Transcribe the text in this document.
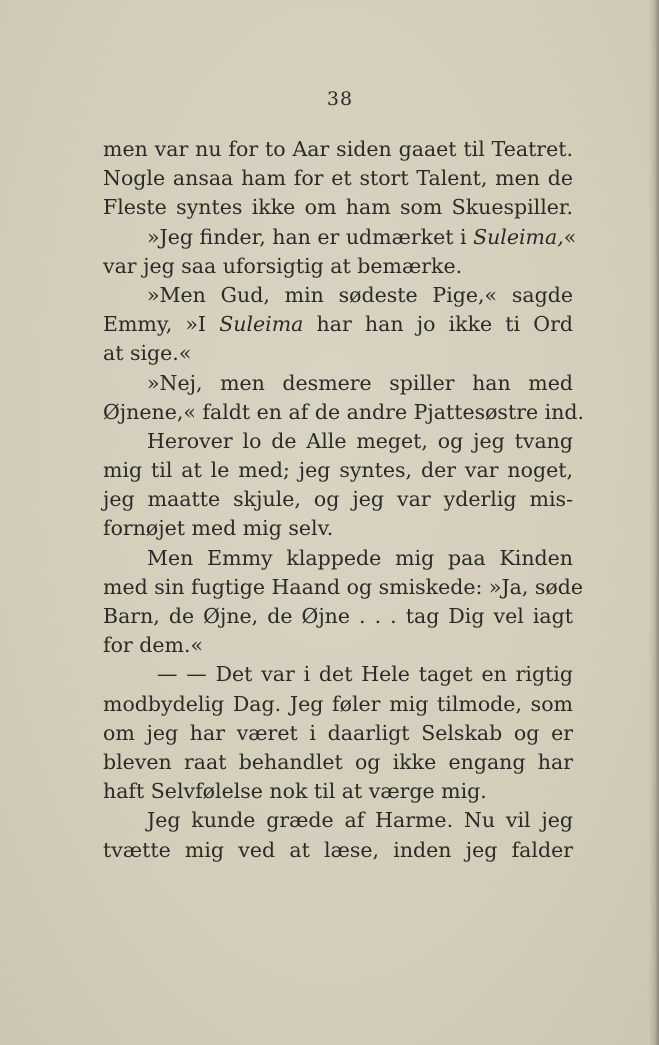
38
men var nu for to Aar siden gaaet til Teatret.
Nogle ansaa ham for et stort Talent, men de
Fleste syntes ikke om ham som Skuespiller.
»Jeg finder, han er udmærket i Suleima,«
var jeg saa uforsigtig at bemærke.
»Men Gud, min sødeste Pige,« sagde
Emmy, »I Suleima har han jo ikke ti Ord
at sige.«
»Nej, men desmere spiller han med
Øjnene,« faldt en af de andre Pjattesøstre ind.
Herover lo de Alle meget, og jeg tvang
mig til at le med; jeg syntes, der var noget,
jeg maatte skjule, og jeg var yderlig mis-
fornøjet med mig selv.
Men Emmy klappede mig paa Kinden
med sin fugtige Haand og smiskede: »Ja, søde
Barn, de Øjne, de Øjne . . . tag Dig vel iagt
for dem.«
— — Det var i det Hele taget en rigtig
modbydelig Dag. Jeg føler mig tilmode, som
om jeg har været i daarligt Selskab og er
bleven raat behandlet og ikke engang har
haft Selvfølelse nok til at værge mig.
Jeg kunde græde af Harme. Nu vil jeg
tvætte mig ved at læse, inden jeg falder
